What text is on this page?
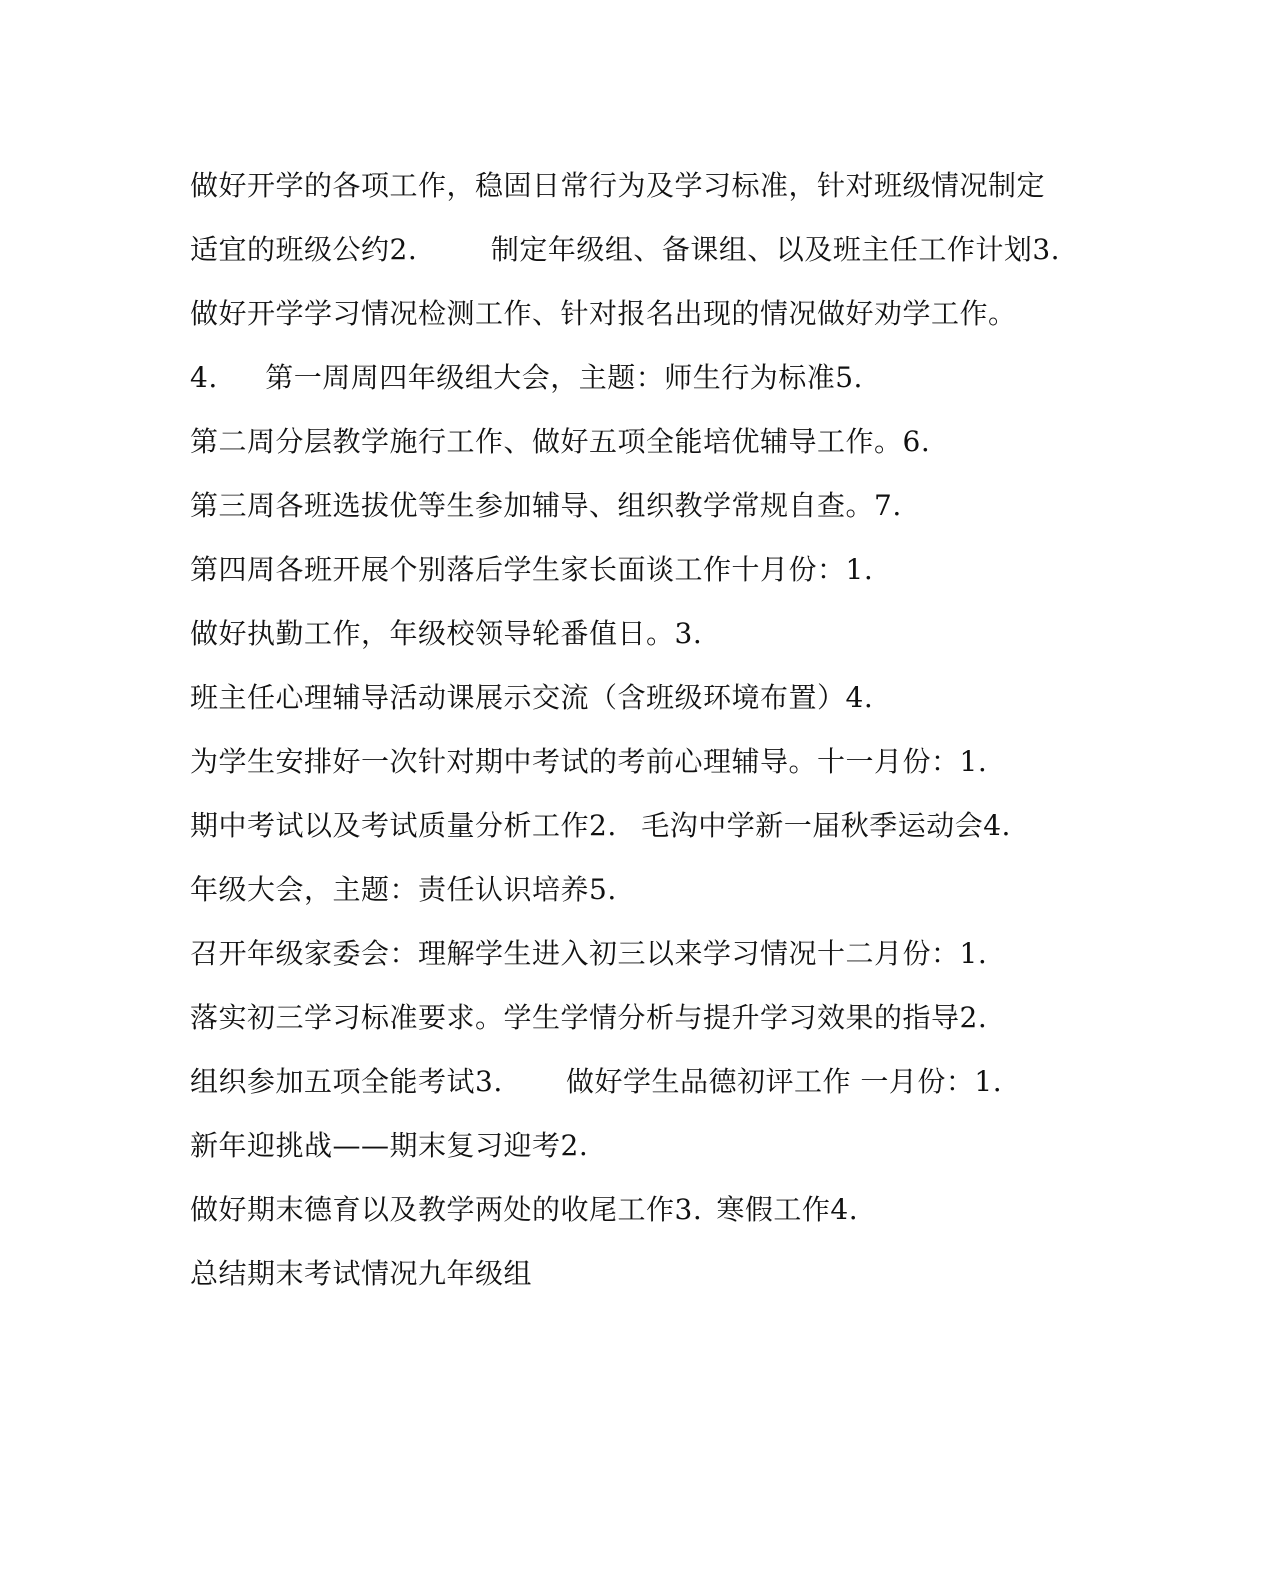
做好开学的各项工作，稳固日常行为及学习标准，针对班级情况制定
适宜的班级公约2.	制定年级组、备课组、以及班主任工作计划3.
做好开学学习情况检测工作、针对报名出现的情况做好劝学工作。
4.	第一周周四年级组大会，主题：师生行为标准5.
第二周分层教学施行工作、做好五项全能培优辅导工作。6.
第三周各班选拔优等生参加辅导、组织教学常规自查。7.
第四周各班开展个别落后学生家长面谈工作十月份：1.
做好执勤工作，年级校领导轮番值日。3.
班主任心理辅导活动课展示交流（含班级环境布置）4.
为学生安排好一次针对期中考试的考前心理辅导。十一月份：1.
期中考试以及考试质量分析工作2.	毛沟中学新一届秋季运动会4.
年级大会，主题：责任认识培养5.
召开年级家委会：理解学生进入初三以来学习情况十二月份：1.
落实初三学习标准要求。学生学情分析与提升学习效果的指导2.
组织参加五项全能考试3.	做好学生品德初评工作 一月份：1.
新年迎挑战——期末复习迎考2.
做好期末德育以及教学两处的收尾工作3.	寒假工作4.
总结期末考试情况九年级组
